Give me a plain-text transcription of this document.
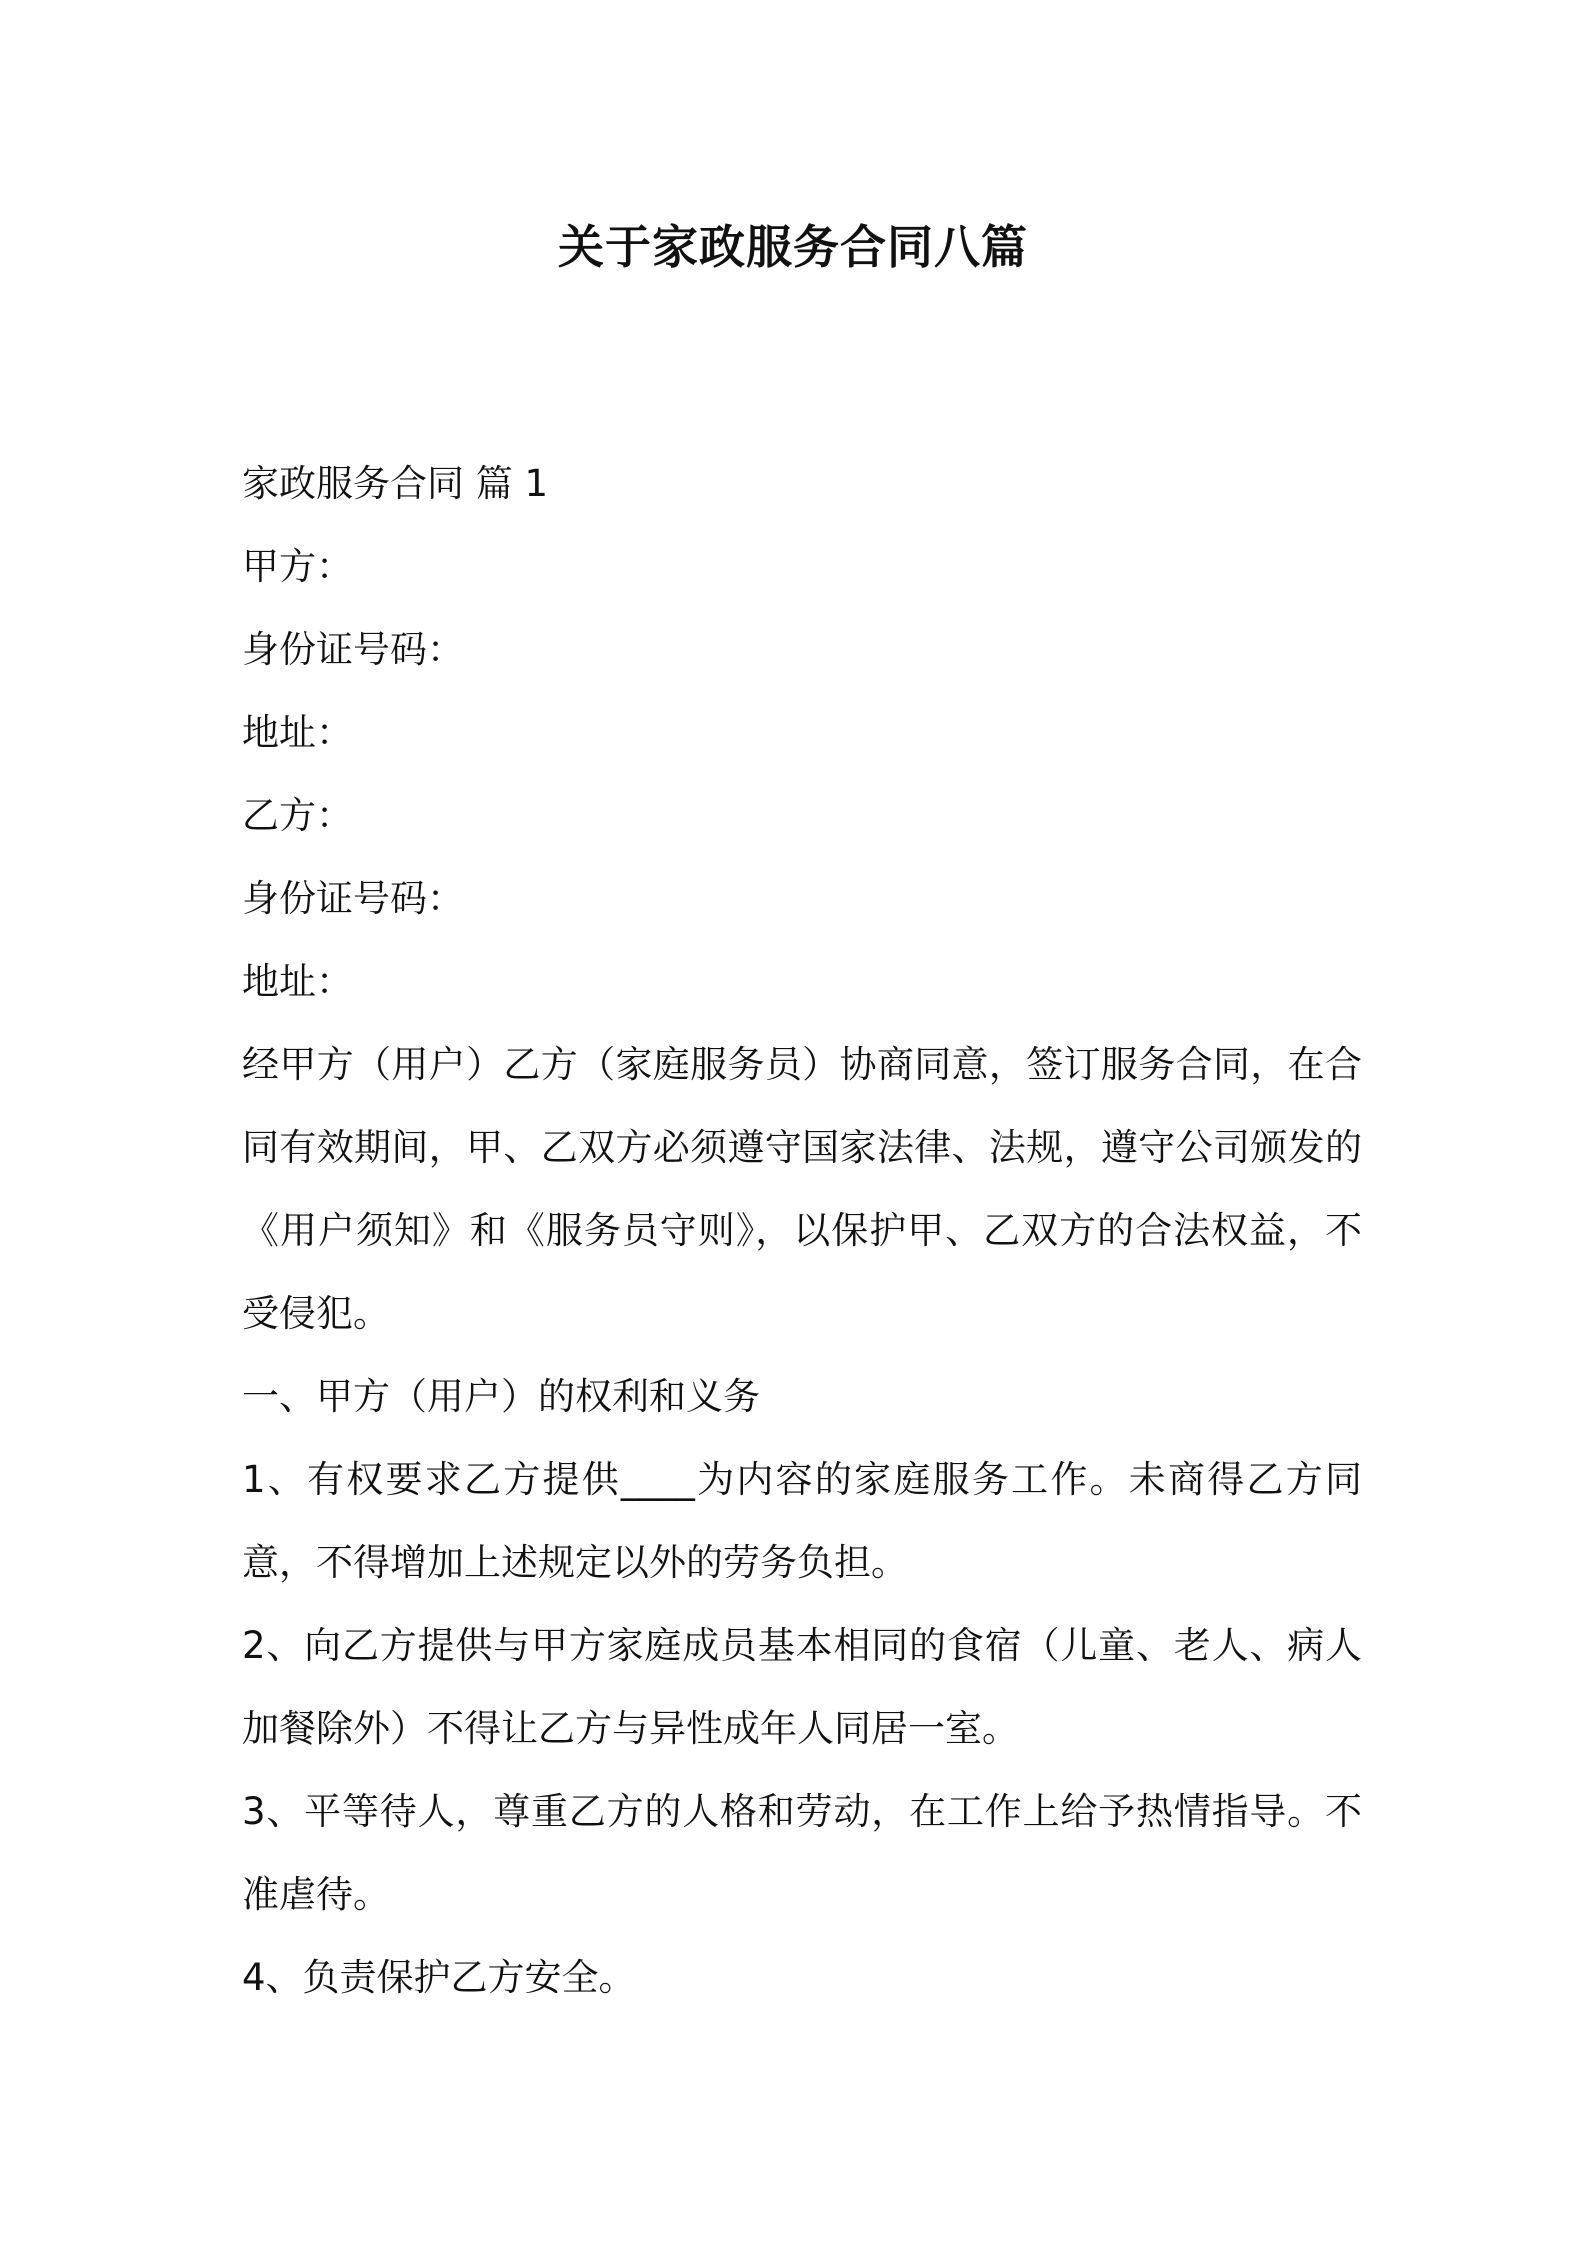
关于家政服务合同八篇
家政服务合同 篇 1
甲方：
身份证号码：
地址：
乙方：
身份证号码：
地址：
经甲方（用户）乙方（家庭服务员）协商同意，签订服务合同，在合同有效期间，甲、乙双方必须遵守国家法律、法规，遵守公司颁发的《用户须知》和《服务员守则》，以保护甲、乙双方的合法权益，不受侵犯。
一、甲方（用户）的权利和义务
1、有权要求乙方提供____为内容的家庭服务工作。未商得乙方同意，不得增加上述规定以外的劳务负担。
2、向乙方提供与甲方家庭成员基本相同的食宿（儿童、老人、病人加餐除外）不得让乙方与异性成年人同居一室。
3、平等待人，尊重乙方的人格和劳动，在工作上给予热情指导。不准虐待。
4、负责保护乙方安全。
